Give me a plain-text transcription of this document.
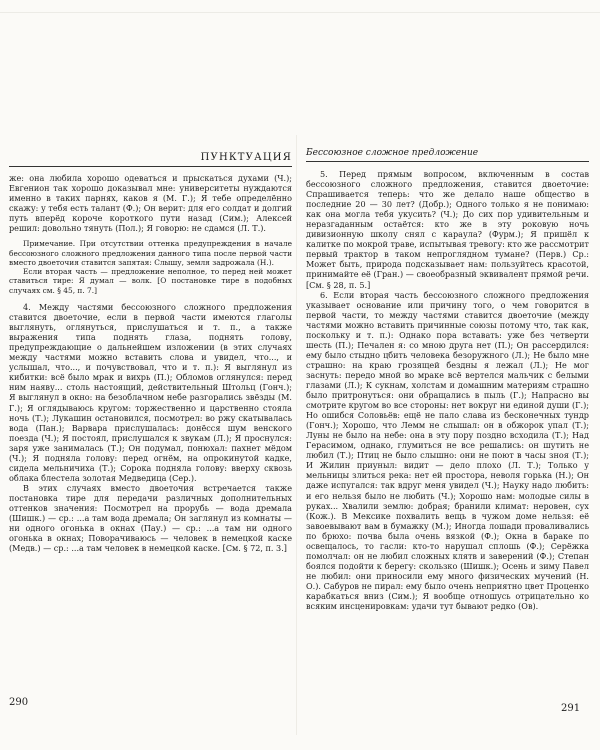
ПУНКТУАЦИЯ

же: она любила хорошо одеваться и прыскаться духами (Ч.); Евгенион так хорошо доказывал мне: университеты нуждаются именно в таких парнях, каков я (М. Г.); Я тебе определённо скажу: у тебя есть талант (Ф.); Он верит: для его солдат и долгий путь вперёд короче короткого пути назад (Сим.); Алексей решил: довольно тянуть (Пол.); Я говорю: не сдамся (Л. Т.).

Примечание. При отсутствии оттенка предупреждения в начале бессоюзного сложного предложения данного типа после первой части вместо двоеточия ставится запятая: Слышу, земля задрожала (Н.).

Если вторая часть — предложение неполное, то перед ней может ставиться тире: Я думал — волк. [О постановке тире в подобных случаях см. § 45, п. 7.]

4. Между частями бессоюзного сложного предложения ставится двоеточие, если в первой части имеются глаголы выглянуть, оглянуться, прислушаться и т. п., а также выражения типа поднять глаза, поднять голову, предупреждающие о дальнейшем изложении (в этих случаях между частями можно вставить слова и увидел, что..., и услышал, что..., и почувствовал, что и т. п.): Я выглянул из кибитки: всё было мрак и вихрь (П.); Обломов оглянулся: перед ним наяву... столь настоящий, действительный Штольц (Гонч.); Я выглянул в окно: на безоблачном небе разгорались звёзды (М. Г.); Я оглядываюсь кругом: торжественно и царственно стояла ночь (Т.); Лукашин остановился, посмотрел: во ржу скатывалась вода (Пан.); Варвара прислушалась: донёсся шум венского поезда (Ч.); Я постоял, прислушался к звукам (Л.); Я проснулся: заря уже занималась (Т.); Он подумал, понюхал: пахнет мёдом (Ч.); Я подняла голову: перед огнём, на опрокинутой кадке, сидела мельничиха (Т.); Сорока подняла голову: вверху сквозь облака блестела золотая Медведица (Сер.).

В этих случаях вместо двоеточия встречается также постановка тире для передачи различных дополнительных оттенков значения: Посмотрел на прорубь — вода дремала (Шишк.) — ср.: ...а там вода дремала; Он заглянул из комнаты — ни одного огонька в окнах (Пау.) — ср.: ...а там ни одного огонька в окнах; Поворачиваюсь — человек в немецкой каске (Медв.) — ср.: ...а там человек в немецкой каске. [См. § 72, п. 3.]

Бессоюзное сложное предложение

5. Перед прямым вопросом, включенным в состав бессоюзного сложного предложения, ставится двоеточие: Спрашивается теперь: что же делало наше общество в последние 20 — 30 лет? (Добр.); Одного только я не понимаю: как она могла тебя укусить? (Ч.); До сих пор удивительным и неразгаданным остаётся: кто же в эту роковую ночь дивизионную школу снял с караула? (Фурм.); Я пришёл к калитке по мокрой траве, испытывая тревогу: кто же рассмотрит первый трактор в таком непроглядном тумане? (Перв.) Ср.: Может быть, природа подсказывает нам: пользуйтесь красотой, принимайте её (Гран.) — своеобразный эквивалент прямой речи. [См. § 28, п. 5.]

6. Если вторая часть бессоюзного сложного предложения указывает основание или причину того, о чем говорится в первой части, то между частями ставится двоеточие (между частями можно вставить причинные союзы потому что, так как, поскольку и т. п.): Однако пора вставать: уже без четверти шесть (П.); Печален я: со мною друга нет (П.); Он рассердился: ему было стыдно цбить человека безоружного (Л.); Не было мне страшно: на краю грозящей бездны я лежал (Л.); Не мог заснуть: передо мной во мраке всё вертелся мальчик с белыми глазами (Л.); К сукнам, холстам и домашним материям страшно было притронуться: они обращались в пыль (Г.); Напрасно вы смотрите кругом во все стороны: нет вокруг ни единой души (Г.); Но ошибся Соловьёв: ещё не пало слава из бесконечных тундр (Гонч.); Хорошо, что Лемм не слышал: он в обжорок упал (Т.); Луны не было на небе: она в эту пору поздно всходила (Т.); Над Герасимом, однако, глумиться не все решались: он шутить не любил (Т.); Птиц не было слышно: они не поют в часы зноя (Т.); И Жилин приуныл: видит — дело плохо (Л. Т.); Только у мельницы злиться река: нет ей простора, неволя горька (Н.); Он даже испугался: так вдруг меня увидел (Ч.); Науку надо любить: и его нельзя было не любить (Ч.); Хорошо нам: молодые силы в руках... Хвалили землю: добрая; бранили климат: неровен, сух (Кож.). В Мексике похвалить вещь в чужом доме нельзя: её завоевывают вам в бумажку (М.); Иногда лошади проваливались по брюхо: почва была очень вязкой (Ф.); Окна в бараке по освещалось, то гасли: кто-то нарушал сплошь (Ф.); Серёжка помолчал: он не любил сложных клятв и заверений (Ф.); Степан боялся подойти к берегу: скользко (Шишк.); Осень и зиму Павел не любил: они приносили ему много физических мучений (Н. О.). Сабуров не пирал: ему было очень неприятно цвет Проценко карабкаться вниз (Сим.); Я вообще отношусь отрицательно ко всяким инсценировкам: удачи тут бывают редко (Ов).

290
291
